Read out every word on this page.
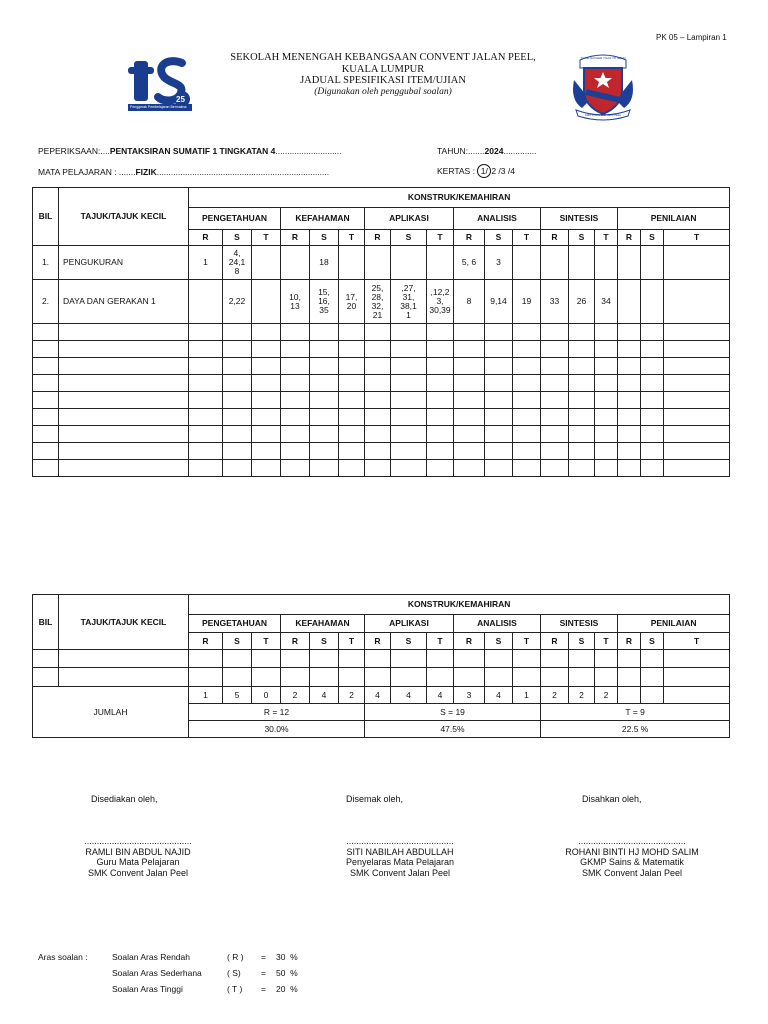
PK 05 – Lampiran 1
25
Penggerak Pembelajaran Bermakna
SEKOLAH MENENGAH KEBANGSAAN CONVENT JALAN PEEL,
KUALA LUMPUR
JADUAL SPESIFIKASI ITEM/UJIAN
(Digunakan oleh penggubal soalan)
TO BE RATHER THAN TO SEEM
SMK CONVENT JLN PEEL
PEPERIKSAAN:....PENTAKSIRAN SUMATIF 1 TINGKATAN 4............................	TAHUN:.......2024..............
MATA PELAJARAN : .......FIZIK.........................................................................	KERTAS : 1/ 2 /3 /4
BIL	TAJUK/TAJUK KECIL	KONSTRUK/KEMAHIRAN	
		PENGETAHUAN			KEFAHAMAN			APLIKASI			ANALISIS			SINTESIS			PENILAIAN			
		R	S	T	R	S	T	R	S	T	R	S	T	R	S	T	R	S	T	
1.	PENGUKURAN	1	4,
24,1
8			18					5, 6	3								
2.	DAYA DAN GERAKAN 1		2,22		10,
13	15,
16,
35	17,
20	25,
28,
32,
21	,27,
31,
38,1
1	,12,2
3,
30,39	8	9,14	19	33	26	34				

BIL	TAJUK/TAJUK KECIL	KONSTRUK/KEMAHIRAN	
		PENGETAHUAN			KEFAHAMAN			APLIKASI			ANALISIS			SINTESIS			PENILAIAN			
		R	S	T	R	S	T	R	S	T	R	S	T	R	S	T	R	S	T	

JUMLAH		1	5	0	2	4	2	4	4	4	3	4	1	2	2	2				
		R = 12						S = 19						T = 9						
		30.0%						47.5%						22.5 %	
Disediakan oleh,
...........................................
RAMLI BIN ABDUL NAJID
Guru Mata Pelajaran
SMK Convent Jalan Peel
Disemak oleh,
...........................................
SITI NABILAH ABDULLAH
Penyelaras Mata Pelajaran
SMK Convent Jalan Peel
Disahkan oleh,
...........................................
ROHANI BINTI HJ MOHD SALIM
GKMP Sains & Matematik
SMK Convent Jalan Peel
Aras soalan :	Soalan Aras Rendah	( R ) = 30  %
Soalan Aras Sederhana	( S) = 50  %
Soalan Aras Tinggi	( T ) = 20  %
